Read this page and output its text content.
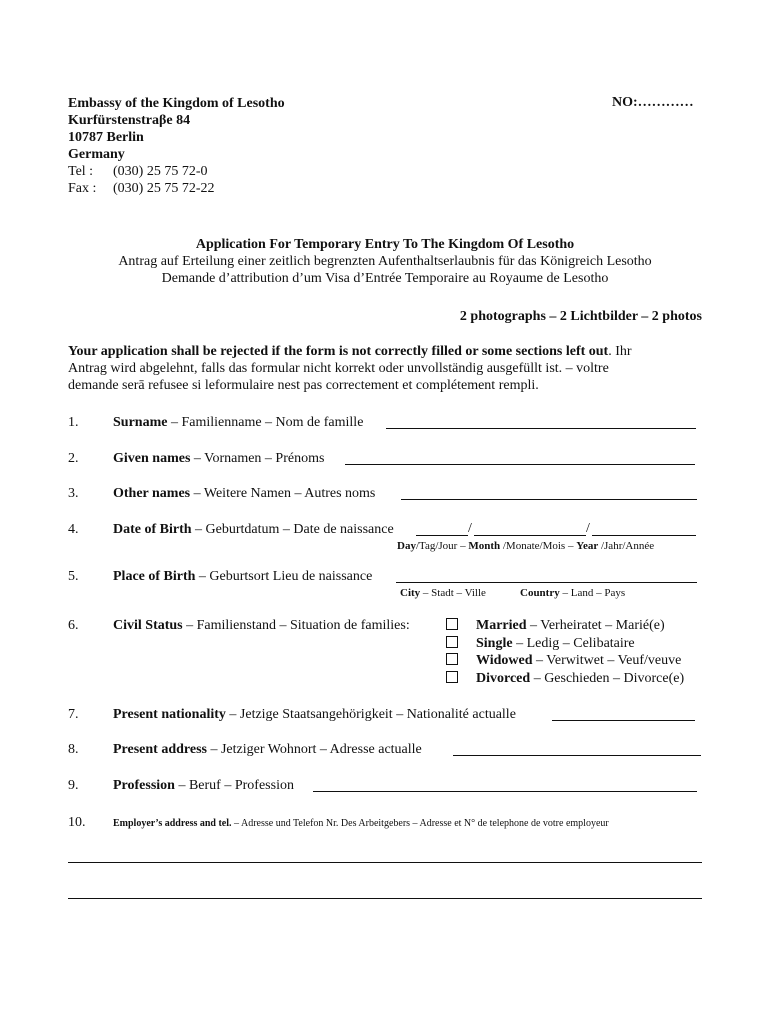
Embassy of the Kingdom of Lesotho
Kurfürstenstraβe 84
10787 Berlin
Germany
Tel : (030) 25 75 72-0
Fax : (030) 25 75 72-22
NO:…………
Application For Temporary Entry To The Kingdom Of Lesotho
Antrag auf Erteilung einer zeitlich begrenzten Aufenthaltserlaubnis für das Königreich Lesotho
Demande d’attribution d’um Visa d’Entrée Temporaire au Royaume de Lesotho
2 photographs – 2 Lichtbilder – 2 photos
Your application shall be rejected if the form is not correctly filled or some sections left out. Ihr
Antrag wird abgelehnt, falls das formular nicht korrekt oder unvollständig ausgefüllt ist. – voltre
demande serā refusee si leformulaire nest pas correctement et complétement rempli.
1. Surname – Familienname – Nom de famille
2. Given names – Vornamen – Prénoms
3. Other names – Weitere Namen – Autres noms
4. Date of Birth – Geburtdatum – Date de naissance	/	/
Day/Tag/Jour – Month /Monate/Mois – Year /Jahr/Année
5. Place of Birth – Geburtsort Lieu de naissance
City – Stadt – Ville	Country – Land – Pays
6. Civil Status – Familienstand – Situation de families:	Married – Verheiratet – Marié(e)
Single – Ledig – Celibataire
Widowed – Verwitwet – Veuf/veuve
Divorced – Geschieden – Divorce(e)
7. Present nationality – Jetzige Staatsangehörigkeit – Nationalité actualle
8. Present address – Jetziger Wohnort – Adresse actualle
9. Profession – Beruf – Profession
10.	Employer’s address and tel. – Adresse und Telefon Nr. Des Arbeitgebers – Adresse et N° de telephone de votre employeur
